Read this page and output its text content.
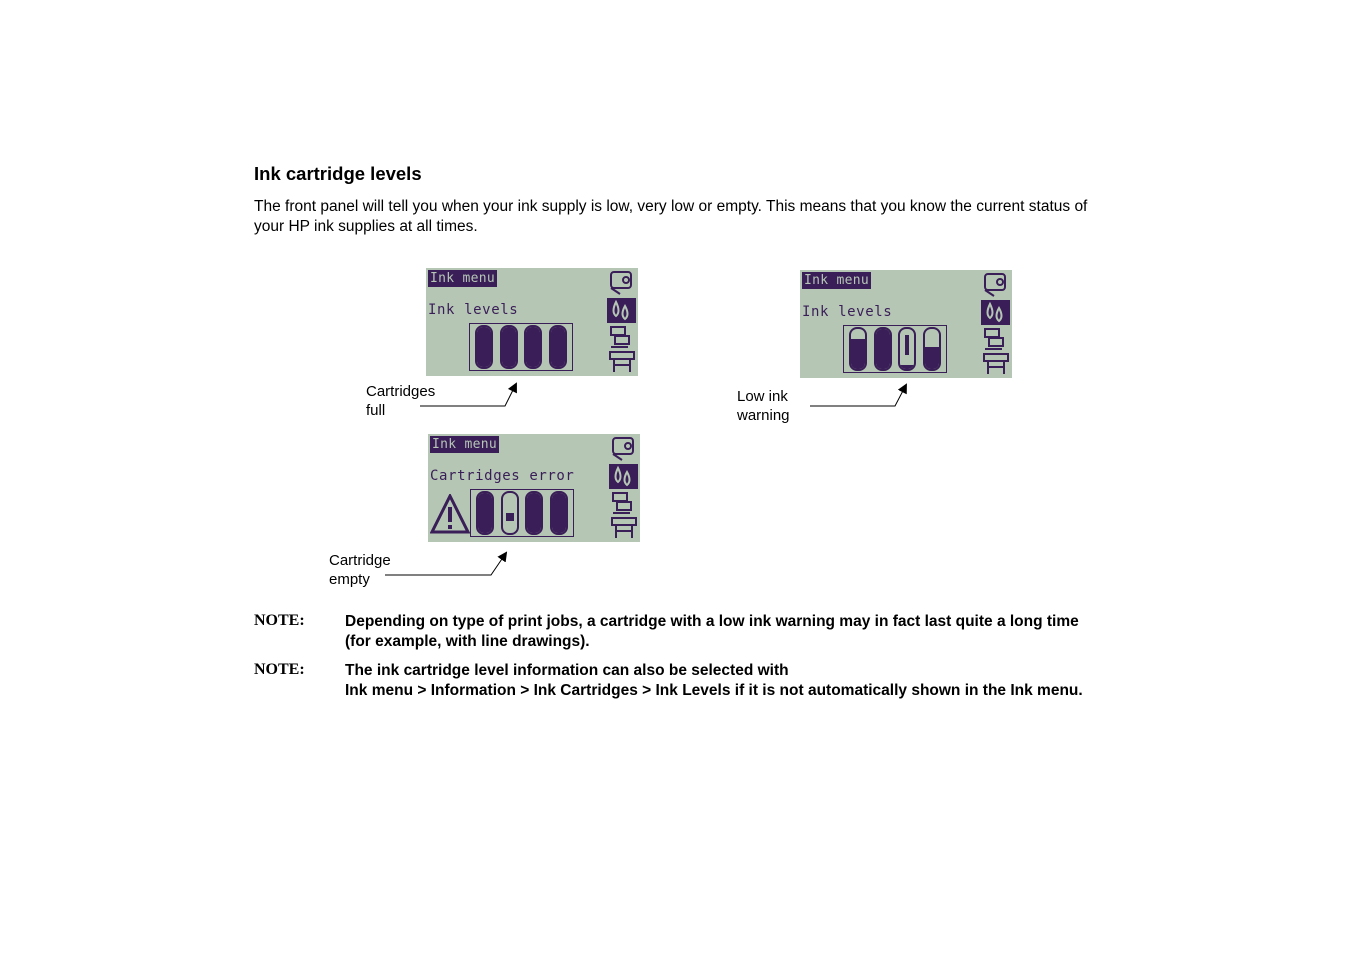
Ink cartridge levels

The front panel will tell you when your ink supply is low, very low or empty. This means that you know the current status of your HP ink supplies at all times.

Ink menu
Ink levels
Ink menu
Ink levels
Ink menu
Cartridges error
Cartridges
full
Low ink
warning
Cartridge
empty
NOTE:	Depending on type of print jobs, a cartridge with a low ink warning may in fact last quite a long time (for example, with line drawings).
NOTE:	The ink cartridge level information can also be selected with
Ink menu > Information > Ink Cartridges > Ink Levels if it is not automatically shown in the Ink menu.
